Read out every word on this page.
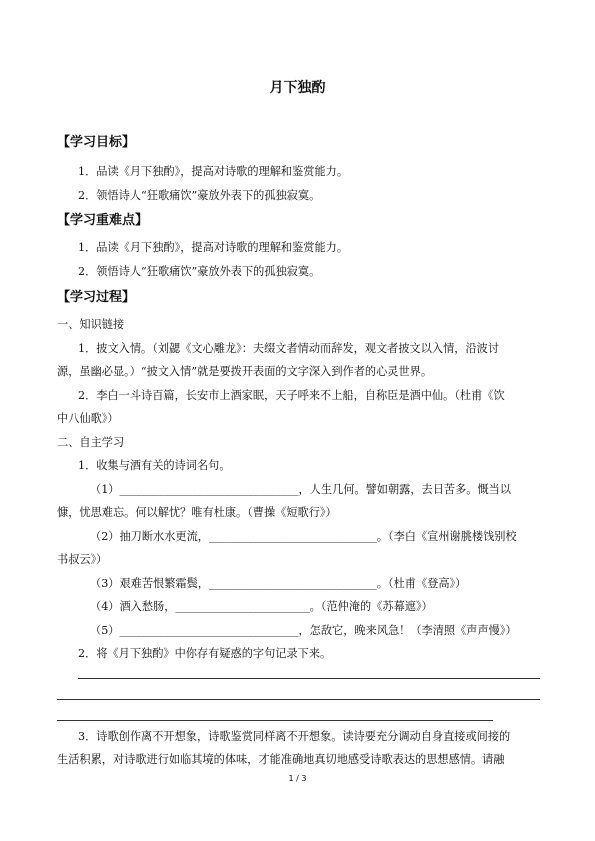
月下独酌
【学习目标】
1．品读《月下独酌》，提高对诗歌的理解和鉴赏能力。
2．领悟诗人“狂歌痛饮”豪放外表下的孤独寂寞。
【学习重难点】
1．品读《月下独酌》，提高对诗歌的理解和鉴赏能力。
2．领悟诗人“狂歌痛饮”豪放外表下的孤独寂寞。
【学习过程】
一、知识链接
1．披文入情。（刘勰《文心雕龙》：夫缀文者情动而辞发，观文者披文以入情，沿波讨
源，虽幽必显。）“披文入情”就是要拨开表面的文字深入到作者的心灵世界。
2．李白一斗诗百篇，长安市上酒家眠，天子呼来不上船，自称臣是酒中仙。（杜甫《饮
中八仙歌》）
二、自主学习
1．收集与酒有关的诗词名句。
（1）________________________________，人生几何。譬如朝露，去日苦多。慨当以
慷，忧思难忘。何以解忧？唯有杜康。（曹操《短歌行》）
（2）抽刀断水水更流，______________________________。（李白《宣州谢朓楼饯别校
书叔云》）
（3）艰难苦恨繁霜鬓，______________________________。（杜甫《登高》）
（4）酒入愁肠，________________________。（范仲淹的《苏幕遮》）
（5）________________________________，怎敌它，晚来风急！（李清照《声声慢》）
2．将《月下独酌》中你存有疑惑的字句记录下来。
3．诗歌创作离不开想象，诗歌鉴赏同样离不开想象。读诗要充分调动自身直接或间接的
生活积累，对诗歌进行如临其境的体味，才能准确地真切地感受诗歌表达的思想感情。请融
1 / 3
